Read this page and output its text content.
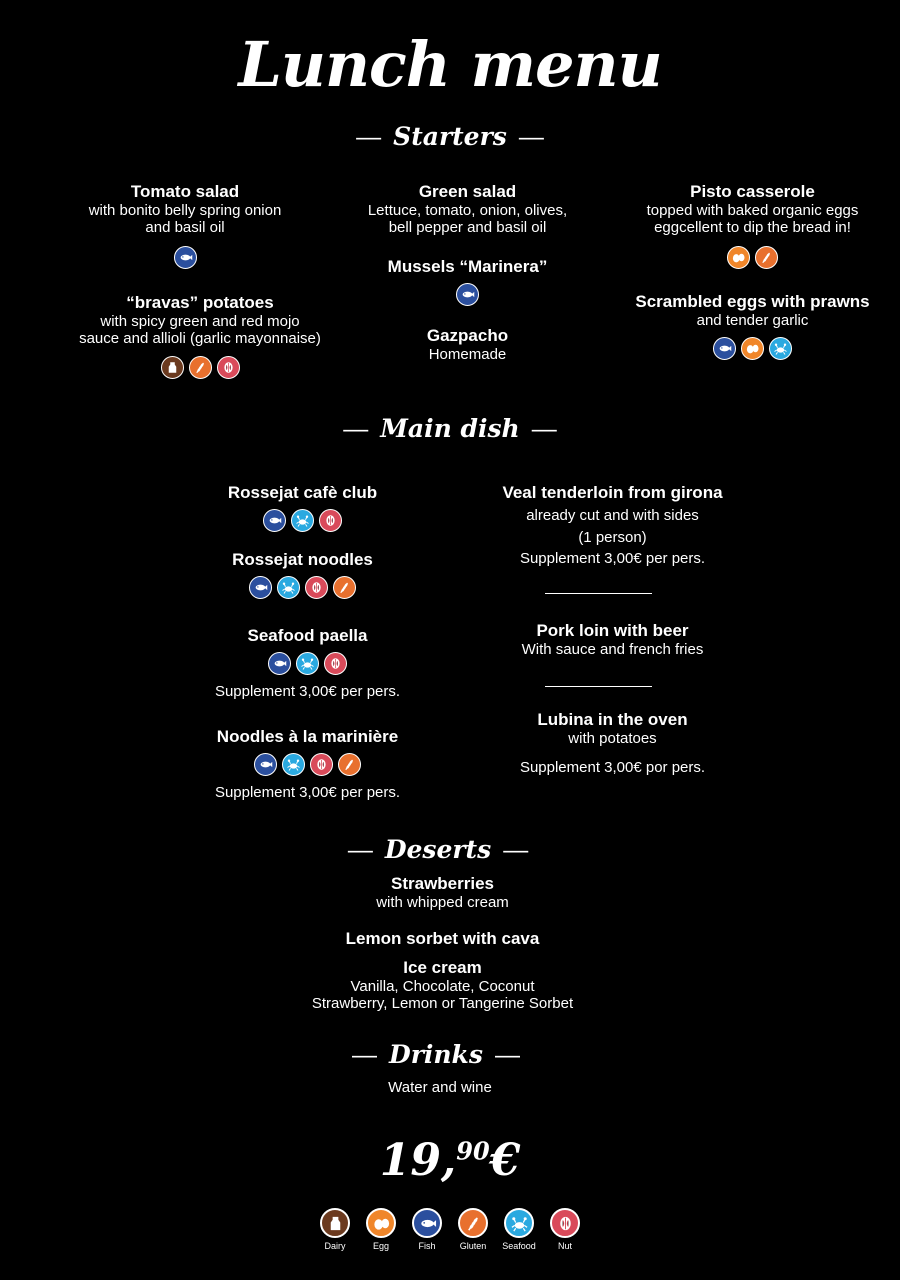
Lunch menu
— Starters —
Tomato salad
with bonito belly spring onion
and basil oil
“bravas” potatoes
with spicy green and red mojo
sauce and allioli (garlic mayonnaise)
Green salad
Lettuce, tomato, onion, olives,
bell pepper and basil oil
Mussels “Marinera”
Gazpacho
Homemade
Pisto casserole
topped with baked organic eggs
eggcellent to dip the bread in!
Scrambled eggs with prawns
and tender garlic
— Main dish —
Rossejat cafè club
Rossejat noodles
Seafood paella
Supplement 3,00€ per pers.
Noodles à la marinière
Supplement 3,00€ per pers.
Veal tenderloin from girona
already cut and with sides
(1 person)
Supplement 3,00€ per pers.
Pork loin with beer
With sauce and french fries
Lubina in the oven
with potatoes
Supplement 3,00€ por pers.
— Deserts —
Strawberries
with whipped cream
Lemon sorbet with cava
Ice cream
Vanilla, Chocolate, Coconut
Strawberry, Lemon or Tangerine Sorbet
— Drinks —
Water and wine
19,90€
Dairy	Egg	Fish	Gluten	Seafood	Nut
